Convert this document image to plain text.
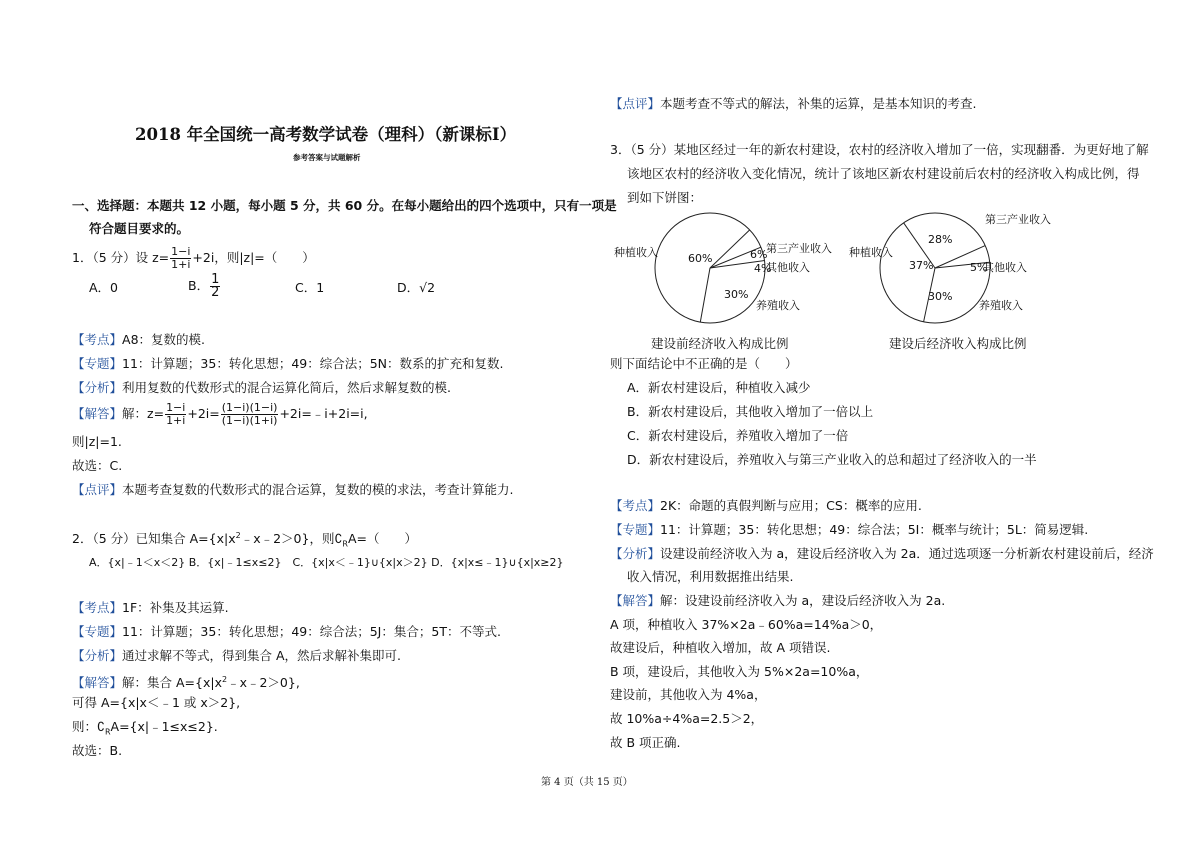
2018 年全国统一高考数学试卷（理科）（新课标Ⅰ）
参考答案与试题解析
一、选择题：本题共 12 小题，每小题 5 分，共 60 分。在每小题给出的四个选项中，只有一项是
符合题目要求的。
1．（5 分）设 $z= \frac{1-i}{1+i} +2i$，则|z|=（　　）
A．0	B． $\frac{1}{2}$	C．1	D．√2
【考点】A8：复数的模.
【专题】11：计算题；35：转化思想；49：综合法；5N：数系的扩充和复数.
【分析】利用复数的代数形式的混合运算化简后，然后求解复数的模.
【解答】解：$z= \frac{1-i}{1+i} +2i= \frac{(1-i)(1-i)}{(1-i)(1+i)}$ +2i=﹣i+2i=i,
则|z|=1.
故选：C.
【点评】本题考查复数的代数形式的混合运算，复数的模的求法，考查计算能力.
2．（5 分）已知集合 $A=\{x|x^2﹣x﹣2>0\}$，则$∁_RA=$（　　）
A．{x|﹣1＜x＜2} B．{x|﹣1≤x≤2}　C．{x|x＜﹣1}∪{x|x＞2} D．{x|x≤﹣1}∪{x|x≥2}
【考点】1F：补集及其运算.
【专题】11：计算题；35：转化思想；49：综合法；5J：集合；5T：不等式.
【分析】通过求解不等式，得到集合 A，然后求解补集即可.
【解答】解：集合 $A=\{x|x^2﹣x﹣2>0\}$,
可得 A={x|x＜﹣1 或 x＞2},
则：$∁_RA=\{x|﹣1\le x\le 2\}$.
故选：B.
【点评】本题考查不等式的解法，补集的运算，是基本知识的考查.
3．（5 分）某地区经过一年的新农村建设，农村的经济收入增加了一倍，实现翻番．为更好地了解
该地区农村的经济收入变化情况，统计了该地区新农村建设前后农村的经济收入构成比例，得
到如下饼图：
60%
种植收入	6%
第三产业收入
4%
其他收入
30%
养殖收入
37%
种植收入
28%
第三产业收入
5%
其他收入
30%
养殖收入
建设前经济收入构成比例	建设后经济收入构成比例
则下面结论中不正确的是（　　）
A．新农村建设后，种植收入减少
B．新农村建设后，其他收入增加了一倍以上
C．新农村建设后，养殖收入增加了一倍
D．新农村建设后，养殖收入与第三产业收入的总和超过了经济收入的一半
【考点】2K：命题的真假判断与应用；CS：概率的应用.
【专题】11：计算题；35：转化思想；49：综合法；5I：概率与统计；5L：简易逻辑.
【分析】设建设前经济收入为 a，建设后经济收入为 2a．通过选项逐一分析新农村建设前后，经济
收入情况，利用数据推出结果.
【解答】解：设建设前经济收入为 a，建设后经济收入为 2a.
A 项，种植收入 37%×2a﹣60%a=14%a＞0，
故建设后，种植收入增加，故 A 项错误.
B 项，建设后，其他收入为 5%×2a=10%a，
建设前，其他收入为 4%a，
故 10%a÷4%a=2.5＞2，
故 B 项正确.
第 4 页（共 15 页）
